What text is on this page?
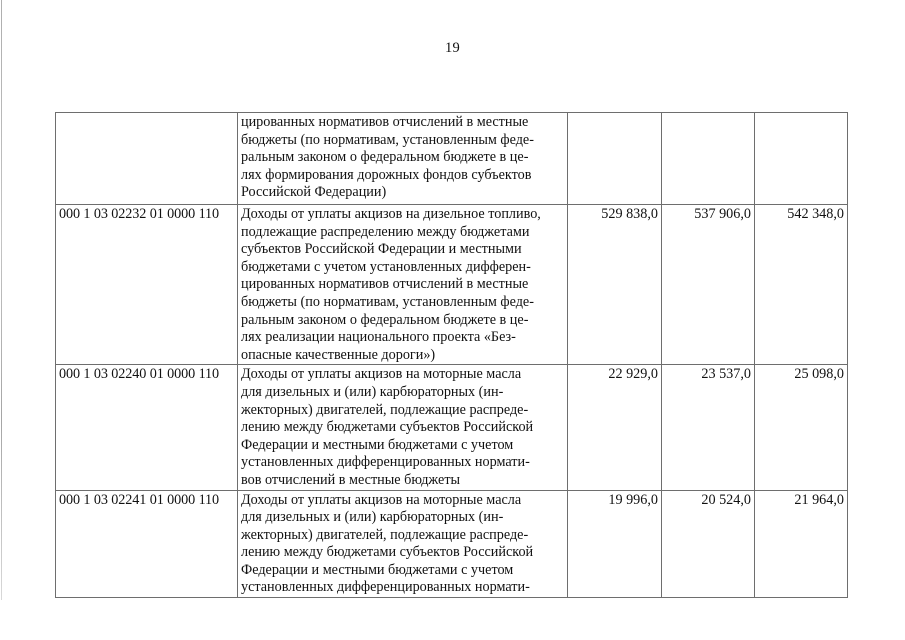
19

	цированных нормативов отчислений в местные
бюджеты (по нормативам, установленным феде-
ральным законом о федеральном бюджете в це-
лях формирования дорожных фондов субъектов
Российской Федерации)			

000 1 03 02232 01 0000 110	Доходы от уплаты акцизов на дизельное топливо,
подлежащие распределению между бюджетами
субъектов Российской Федерации и местными
бюджетами с учетом установленных дифферен-
цированных нормативов отчислений в местные
бюджеты (по нормативам, установленным феде-
ральным законом о федеральном бюджете в це-
лях реализации национального проекта «Без-
опасные качественные дороги»)
	529 838,0	537 906,0	542 348,0
000 1 03 02240 01 0000 110	Доходы от уплаты акцизов на моторные масла
для дизельных и (или) карбюраторных (ин-
жекторных) двигателей, подлежащие распреде-
лению между бюджетами субъектов Российской
Федерации и местными бюджетами с учетом
установленных дифференцированных нормати-
вов отчислений в местные бюджеты
	22 929,0	23 537,0	25 098,0
000 1 03 02241 01 0000 110	Доходы от уплаты акцизов на моторные масла
для дизельных и (или) карбюраторных (ин-
жекторных) двигателей, подлежащие распреде-
лению между бюджетами субъектов Российской
Федерации и местными бюджетами с учетом
установленных дифференцированных нормати-
	19 996,0	20 524,0	21 964,0
